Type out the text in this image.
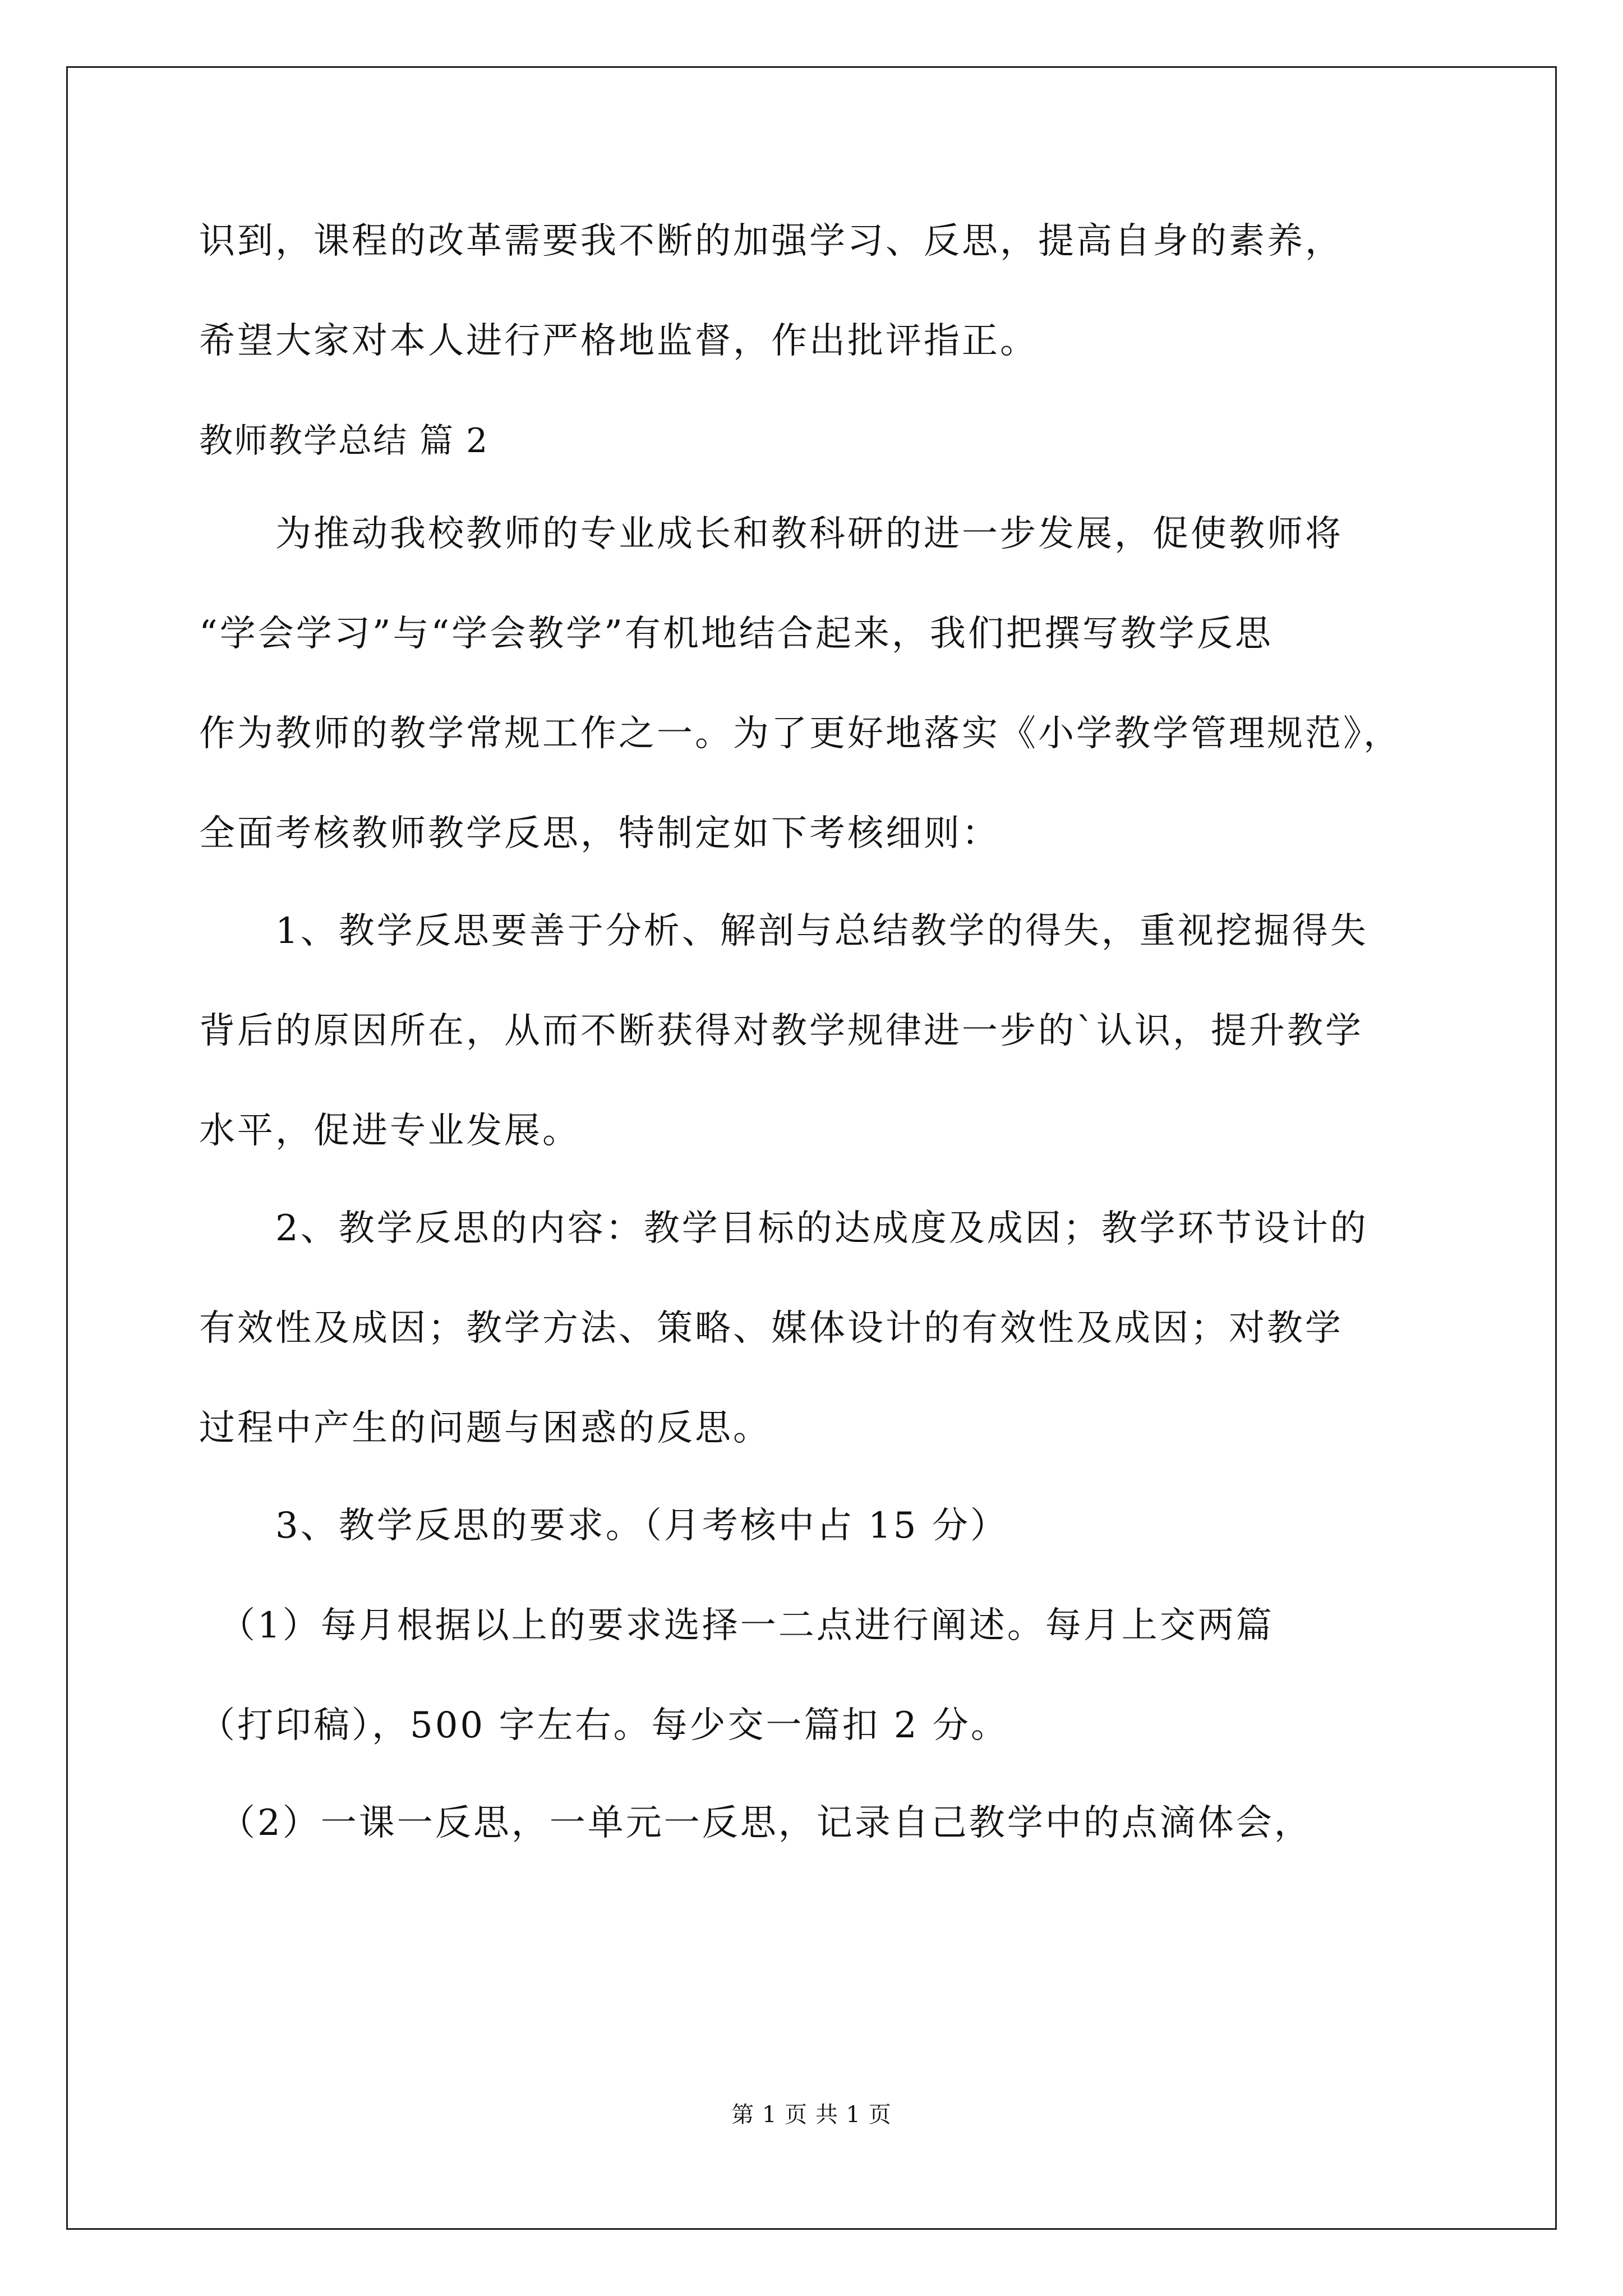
识到，课程的改革需要我不断的加强学习、反思，提高自身的素养，
希望大家对本人进行严格地监督，作出批评指正。
教师教学总结 篇 2
　　为推动我校教师的专业成长和教科研的进一步发展，促使教师将
“学会学习”与“学会教学”有机地结合起来，我们把撰写教学反思
作为教师的教学常规工作之一。为了更好地落实《小学教学管理规范》，
全面考核教师教学反思，特制定如下考核细则：
　　1、教学反思要善于分析、解剖与总结教学的得失，重视挖掘得失
背后的原因所在，从而不断获得对教学规律进一步的`认识，提升教学
水平，促进专业发展。
　　2、教学反思的内容：教学目标的达成度及成因；教学环节设计的
有效性及成因；教学方法、策略、媒体设计的有效性及成因；对教学
过程中产生的问题与困惑的反思。
　　3、教学反思的要求。（月考核中占 15 分）
　（1）每月根据以上的要求选择一二点进行阐述。每月上交两篇
（打印稿），500 字左右。每少交一篇扣 2 分。
　（2）一课一反思，一单元一反思，记录自己教学中的点滴体会，
第 1 页 共 1 页
